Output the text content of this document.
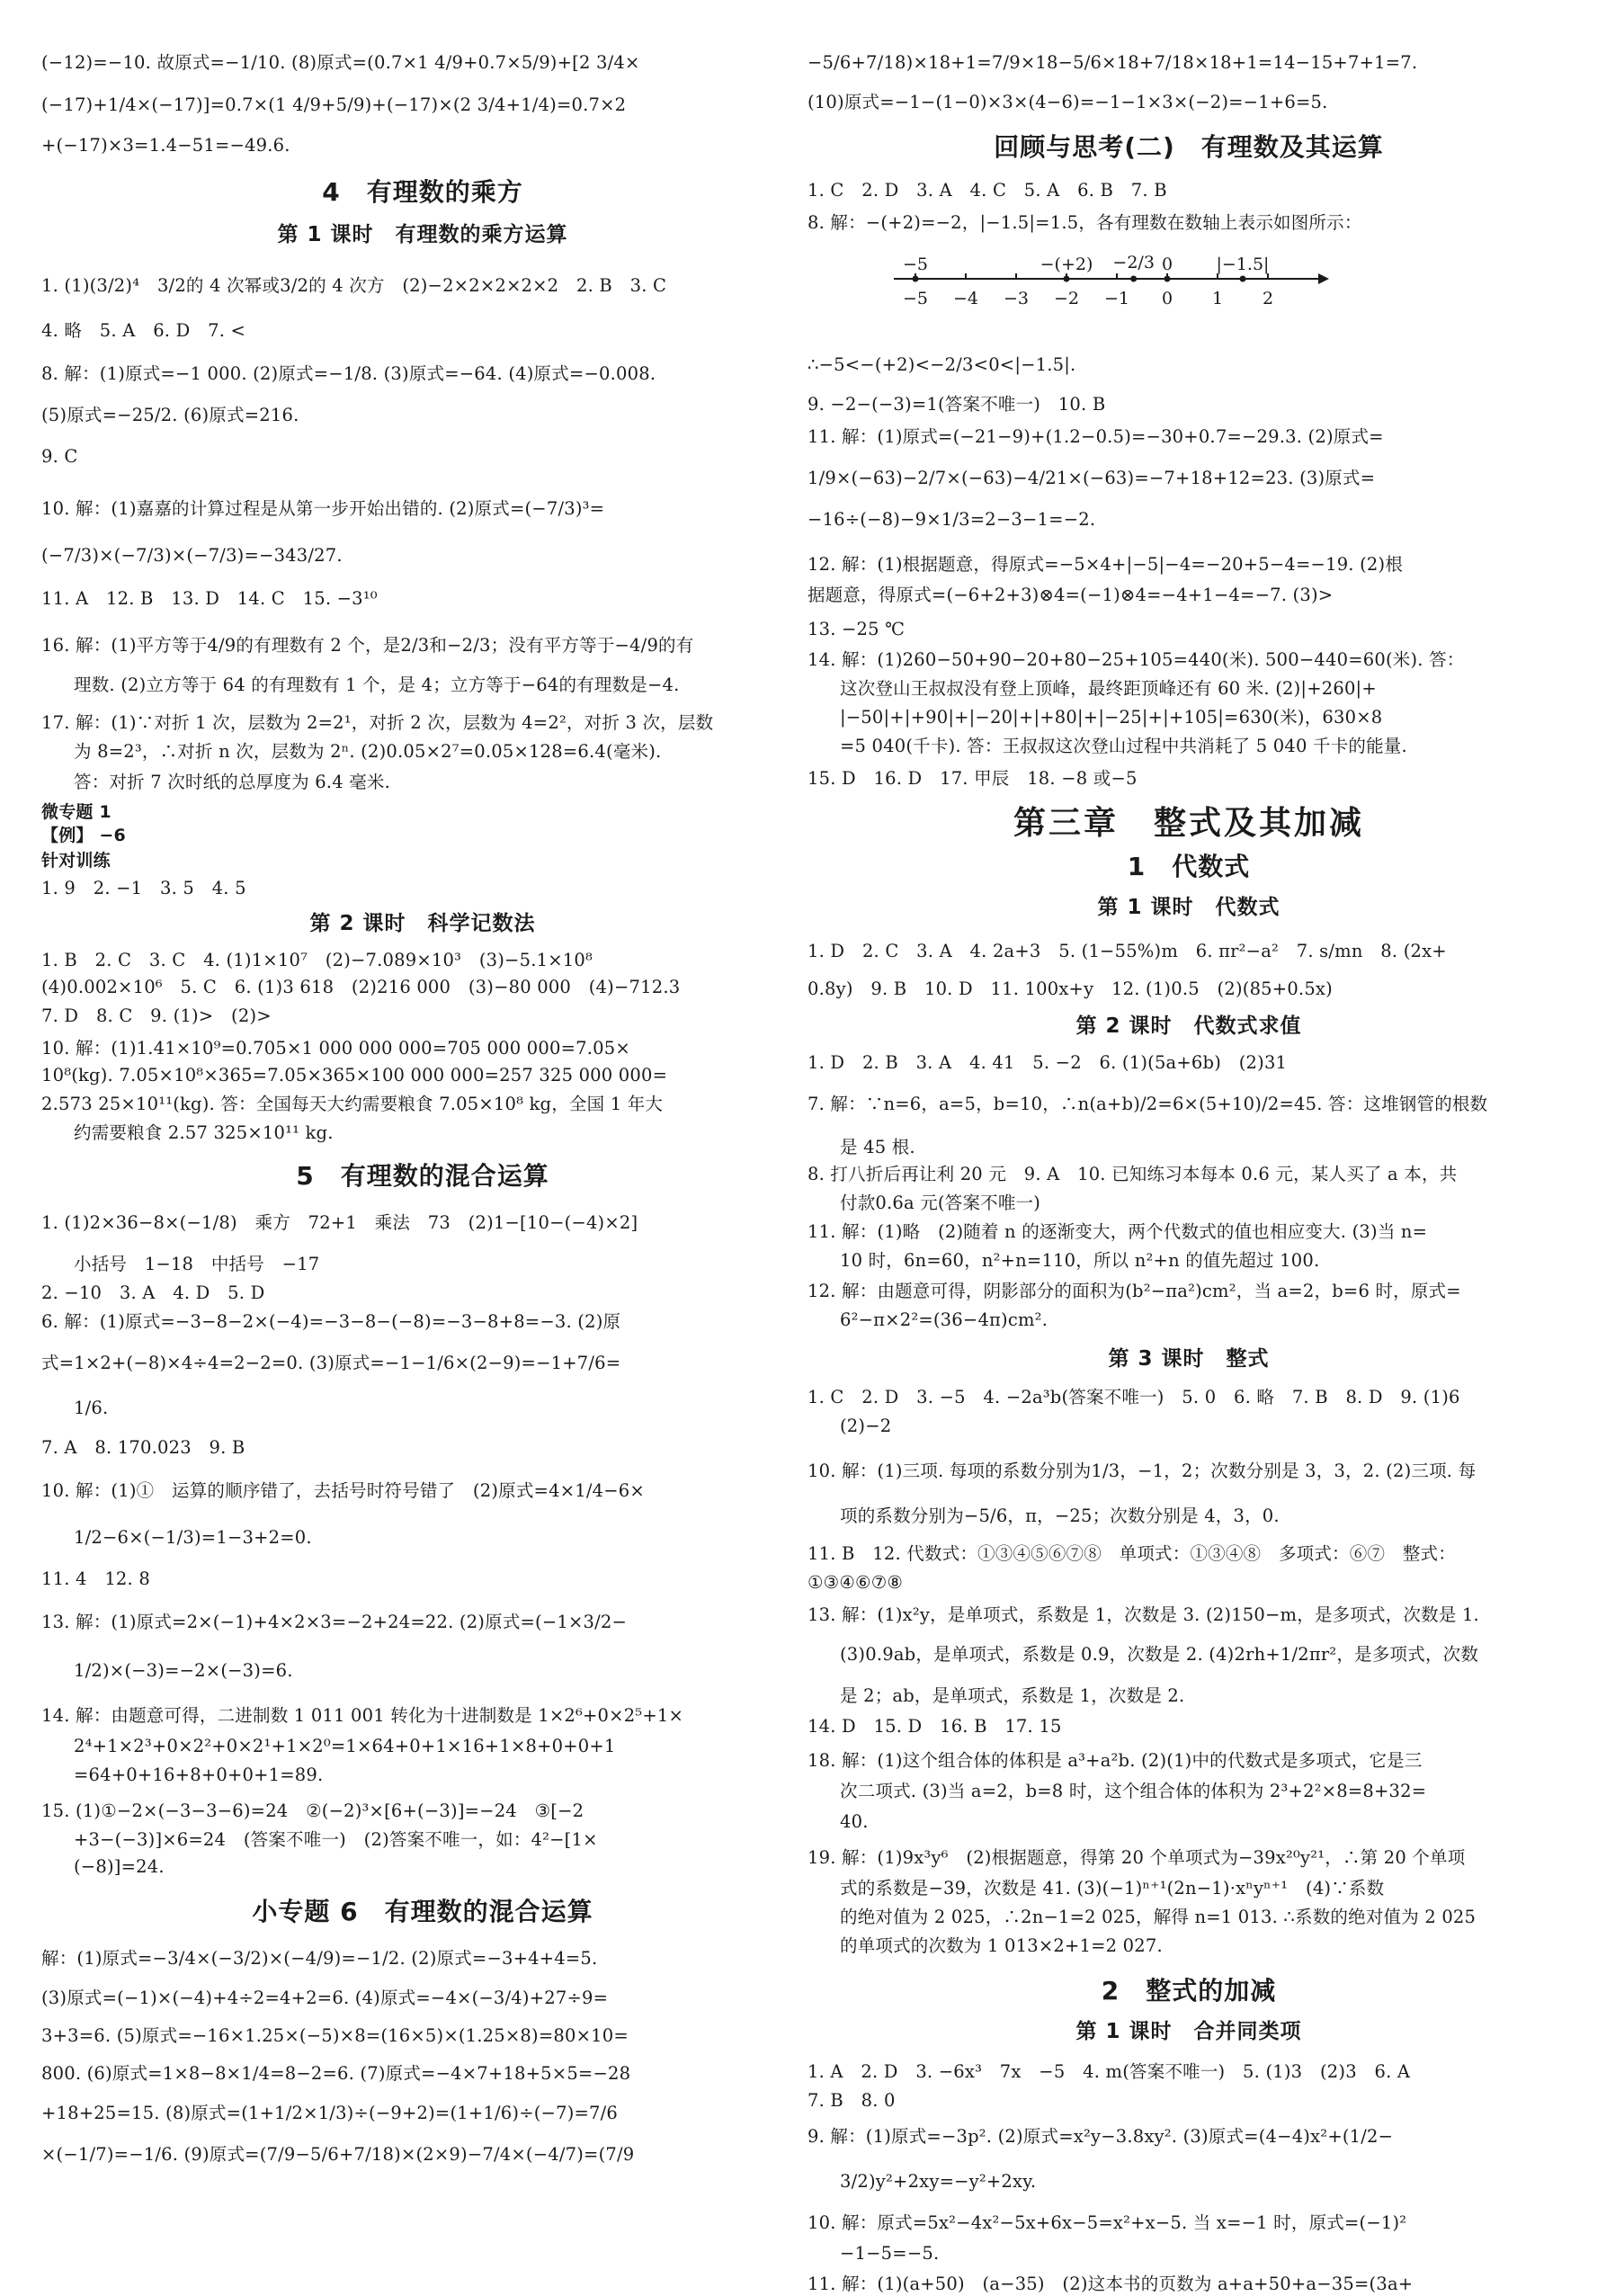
(−12)=−10. 故原式=−1/10. (8)原式=(0.7×1 4/9+0.7×5/9)+[2 3/4×
(−17)+1/4×(−17)]=0.7×(1 4/9+5/9)+(−17)×(2 3/4+1/4)=0.7×2
+(−17)×3=1.4−51=−49.6.
4　有理数的乘方
第 1 课时　有理数的乘方运算
1. (1)(3/2)⁴　3/2的 4 次幂或3/2的 4 次方　(2)−2×2×2×2×2　2. B　3. C
4. 略　5. A　6. D　7. <
8. 解：(1)原式=−1 000. (2)原式=−1/8. (3)原式=−64. (4)原式=−0.008.
(5)原式=−25/2. (6)原式=216.
9. C
10. 解：(1)嘉嘉的计算过程是从第一步开始出错的. (2)原式=(−7/3)³=
(−7/3)×(−7/3)×(−7/3)=−343/27.
11. A　12. B　13. D　14. C　15. −3¹⁰
16. 解：(1)平方等于4/9的有理数有 2 个，是2/3和−2/3；没有平方等于−4/9的有
理数. (2)立方等于 64 的有理数有 1 个，是 4；立方等于−64的有理数是−4.
17. 解：(1)∵对折 1 次，层数为 2=2¹，对折 2 次，层数为 4=2²，对折 3 次，层数
为 8=2³，∴对折 n 次，层数为 2ⁿ. (2)0.05×2⁷=0.05×128=6.4(毫米).
答：对折 7 次时纸的总厚度为 6.4 毫米.
微专题 1
【例】 −6
针对训练
1. 9　2. −1　3. 5　4. 5
第 2 课时　科学记数法
1. B　2. C　3. C　4. (1)1×10⁷　(2)−7.089×10³　(3)−5.1×10⁸
(4)0.002×10⁶　5. C　6. (1)3 618　(2)216 000　(3)−80 000　(4)−712.3
7. D　8. C　9. (1)>　(2)>
10. 解：(1)1.41×10⁹=0.705×1 000 000 000=705 000 000=7.05×
10⁸(kg). 7.05×10⁸×365=7.05×365×100 000 000=257 325 000 000=
2.573 25×10¹¹(kg). 答：全国每天大约需要粮食 7.05×10⁸ kg，全国 1 年大
约需要粮食 2.57 325×10¹¹ kg.
5　有理数的混合运算
1. (1)2×36−8×(−1/8)　乘方　72+1　乘法　73　(2)1−[10−(−4)×2]
小括号　1−18　中括号　−17
2. −10　3. A　4. D　5. D
6. 解：(1)原式=−3−8−2×(−4)=−3−8−(−8)=−3−8+8=−3. (2)原
式=1×2+(−8)×4÷4=2−2=0. (3)原式=−1−1/6×(2−9)=−1+7/6=
1/6.
7. A　8. 170.023　9. B
10. 解：(1)①　运算的顺序错了，去括号时符号错了　(2)原式=4×1/4−6×
1/2−6×(−1/3)=1−3+2=0.
11. 4　12. 8
13. 解：(1)原式=2×(−1)+4×2×3=−2+24=22. (2)原式=(−1×3/2−
1/2)×(−3)=−2×(−3)=6.
14. 解：由题意可得，二进制数 1 011 001 转化为十进制数是 1×2⁶+0×2⁵+1×
2⁴+1×2³+0×2²+0×2¹+1×2⁰=1×64+0+1×16+1×8+0+0+1
=64+0+16+8+0+0+1=89.
15. (1)①−2×(−3−3−6)=24　②(−2)³×[6+(−3)]=−24　③[−2
+3−(−3)]×6=24　(答案不唯一)　(2)答案不唯一，如：4²−[1×
(−8)]=24.
小专题 6　有理数的混合运算
解：(1)原式=−3/4×(−3/2)×(−4/9)=−1/2. (2)原式=−3+4+4=5.
(3)原式=(−1)×(−4)+4÷2=4+2=6. (4)原式=−4×(−3/4)+27÷9=
3+3=6. (5)原式=−16×1.25×(−5)×8=(16×5)×(1.25×8)=80×10=
800. (6)原式=1×8−8×1/4=8−2=6. (7)原式=−4×7+18+5×5=−28
+18+25=15. (8)原式=(1+1/2×1/3)÷(−9+2)=(1+1/6)÷(−7)=7/6
×(−1/7)=−1/6. (9)原式=(7/9−5/6+7/18)×(2×9)−7/4×(−4/7)=(7/9
−5 −4 −3 −2 −1 0 1 2
−5	−(+2) −2/3 0	|−1.5|
−5/6+7/18)×18+1=7/9×18−5/6×18+7/18×18+1=14−15+7+1=7.
(10)原式=−1−(1−0)×3×(4−6)=−1−1×3×(−2)=−1+6=5.
回顾与思考(二)　有理数及其运算
1. C　2. D　3. A　4. C　5. A　6. B　7. B
8. 解：−(+2)=−2，|−1.5|=1.5，各有理数在数轴上表示如图所示：
∴−5<−(+2)<−2/3<0<|−1.5|.
9. −2−(−3)=1(答案不唯一)　10. B
11. 解：(1)原式=(−21−9)+(1.2−0.5)=−30+0.7=−29.3. (2)原式=
1/9×(−63)−2/7×(−63)−4/21×(−63)=−7+18+12=23. (3)原式=
−16÷(−8)−9×1/3=2−3−1=−2.
12. 解：(1)根据题意，得原式=−5×4+|−5|−4=−20+5−4=−19. (2)根
据题意，得原式=(−6+2+3)⊗4=(−1)⊗4=−4+1−4=−7. (3)>
13. −25 ℃
14. 解：(1)260−50+90−20+80−25+105=440(米). 500−440=60(米). 答：
这次登山王叔叔没有登上顶峰，最终距顶峰还有 60 米. (2)|+260|+
|−50|+|+90|+|−20|+|+80|+|−25|+|+105|=630(米)，630×8
=5 040(千卡). 答：王叔叔这次登山过程中共消耗了 5 040 千卡的能量.
15. D　16. D　17. 甲辰　18. −8 或−5
第三章　整式及其加减
1　代数式
第 1 课时　代数式
1. D　2. C　3. A　4. 2a+3　5. (1−55%)m　6. πr²−a²　7. s/mn　8. (2x+
0.8y)　9. B　10. D　11. 100x+y　12. (1)0.5　(2)(85+0.5x)
第 2 课时　代数式求值
1. D　2. B　3. A　4. 41　5. −2　6. (1)(5a+6b)　(2)31
7. 解：∵n=6，a=5，b=10，∴n(a+b)/2=6×(5+10)/2=45. 答：这堆钢管的根数
是 45 根.
8. 打八折后再让利 20 元　9. A　10. 已知练习本每本 0.6 元，某人买了 a 本，共
付款0.6a 元(答案不唯一)
11. 解：(1)略　(2)随着 n 的逐渐变大，两个代数式的值也相应变大. (3)当 n=
10 时，6n=60，n²+n=110，所以 n²+n 的值先超过 100.
12. 解：由题意可得，阴影部分的面积为(b²−πa²)cm²，当 a=2，b=6 时，原式=
6²−π×2²=(36−4π)cm².
第 3 课时　整式
1. C　2. D　3. −5　4. −2a³b(答案不唯一)　5. 0　6. 略　7. B　8. D　9. (1)6
(2)−2
10. 解：(1)三项. 每项的系数分别为1/3，−1，2；次数分别是 3，3，2. (2)三项. 每
项的系数分别为−5/6，π，−25；次数分别是 4，3，0.
11. B　12. 代数式：①③④⑤⑥⑦⑧　单项式：①③④⑧　多项式：⑥⑦　整式：
①③④⑥⑦⑧
13. 解：(1)x²y，是单项式，系数是 1，次数是 3. (2)150−m，是多项式，次数是 1.
(3)0.9ab，是单项式，系数是 0.9，次数是 2. (4)2rh+1/2πr²，是多项式，次数
是 2；ab，是单项式，系数是 1，次数是 2.
14. D　15. D　16. B　17. 15
18. 解：(1)这个组合体的体积是 a³+a²b. (2)(1)中的代数式是多项式，它是三
次二项式. (3)当 a=2，b=8 时，这个组合体的体积为 2³+2²×8=8+32=
40.
19. 解：(1)9x³y⁶　(2)根据题意，得第 20 个单项式为−39x²⁰y²¹，∴第 20 个单项
式的系数是−39，次数是 41. (3)(−1)ⁿ⁺¹(2n−1)·xⁿyⁿ⁺¹　(4)∵系数
的绝对值为 2 025，∴2n−1=2 025，解得 n=1 013. ∴系数的绝对值为 2 025
的单项式的次数为 1 013×2+1=2 027.
2　整式的加减
第 1 课时　合并同类项
1. A　2. D　3. −6x³　7x　−5　4. m(答案不唯一)　5. (1)3　(2)3　6. A
7. B　8. 0
9. 解：(1)原式=−3p². (2)原式=x²y−3.8xy². (3)原式=(4−4)x²+(1/2−
3/2)y²+2xy=−y²+2xy.
10. 解：原式=5x²−4x²−5x+6x−5=x²+x−5. 当 x=−1 时，原式=(−1)²
−1−5=−5.
11. 解：(1)(a+50)　(a−35)　(2)这本书的页数为 a+a+50+a−35=(3a+
